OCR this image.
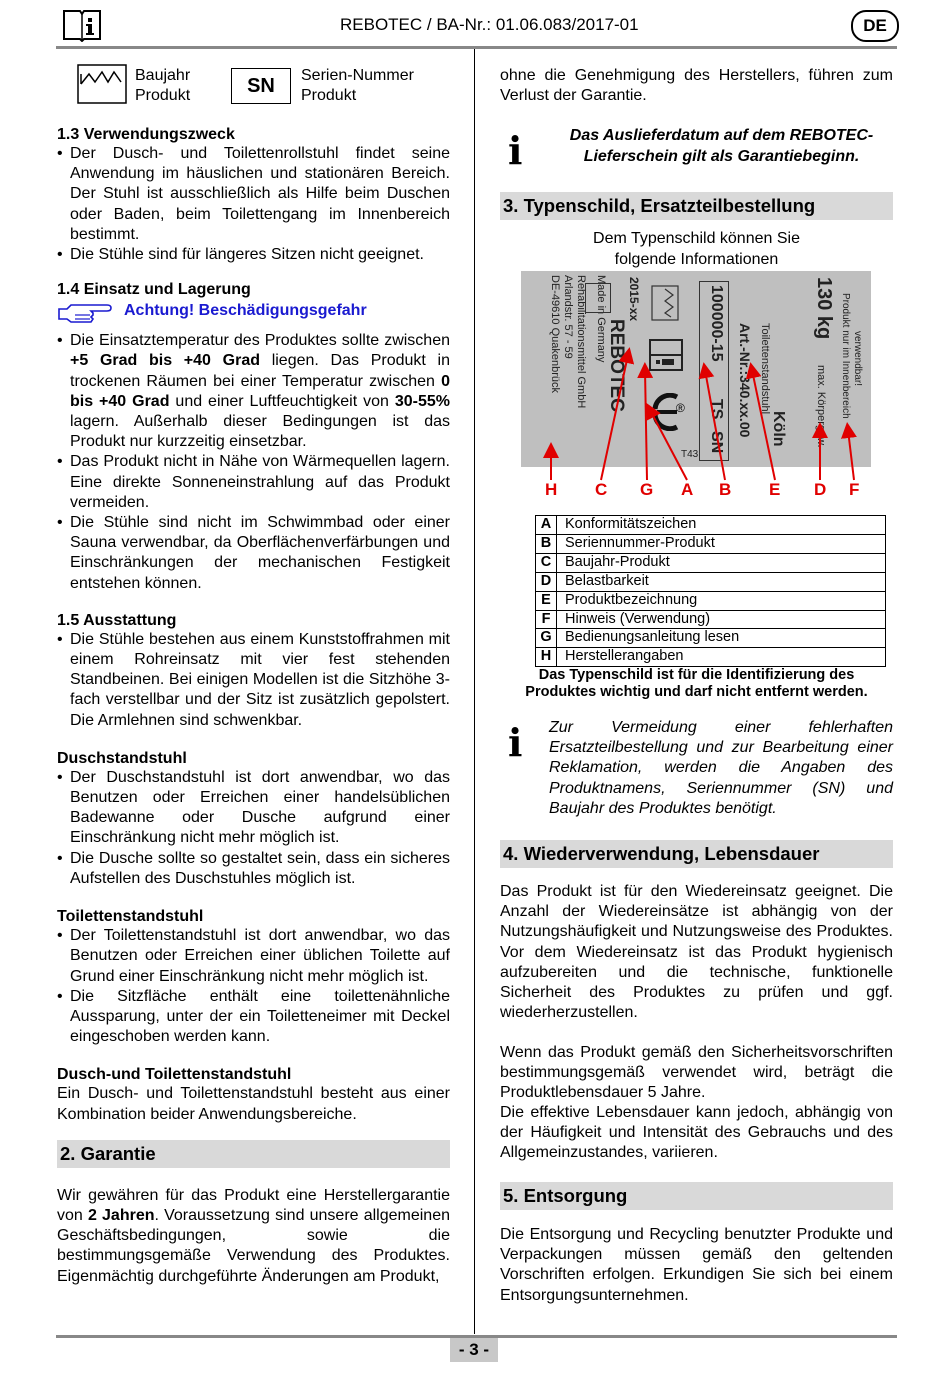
REBOTEC / BA-Nr.: 01.06.083/2017-01	DE
Baujahr
Produkt	SN	Serien-Nummer
Produkt
1.3 Verwendungszweck
• Der Dusch- und Toilettenrollstuhl findet seine Anwendung im häuslichen und stationären Bereich. Der Stuhl ist ausschließlich als Hilfe beim Duschen oder Baden, beim Toilettengang im Innenbereich bestimmt.
• Die Stühle sind für längeres Sitzen nicht geeignet.
1.4 Einsatz und Lagerung
Achtung! Beschädigungsgefahr
• Die Einsatztemperatur des Produktes sollte zwischen +5 Grad bis +40 Grad liegen. Das Produkt in trockenen Räumen bei einer Temperatur zwischen 0 bis +40 Grad und einer Luftfeuchtigkeit von 30-55% lagern. Außerhalb dieser Bedingungen ist das Produkt nur kurzzeitig einsetzbar.
• Das Produkt nicht in Nähe von Wärmequellen lagern. Eine direkte Sonneneinstrahlung auf das Produkt vermeiden.
• Die Stühle sind nicht im Schwimmbad oder einer Sauna verwendbar, da Oberflächenverfärbungen und Einschränkungen der mechanischen Festigkeit entstehen können.
1.5 Ausstattung
• Die Stühle bestehen aus einem Kunststoffrahmen mit einem Rohreinsatz mit vier fest stehenden Standbeinen. Bei einigen Modellen ist die Sitzhöhe 3-fach verstellbar und der Sitz ist zusätzlich gepolstert. Die Armlehnen sind schwenkbar.
Duschstandstuhl
• Der Duschstandstuhl ist dort anwendbar, wo das Benutzen oder Erreichen einer handelsüblichen Badewanne oder Dusche aufgrund einer Einschränkung nicht mehr möglich ist.
• Die Dusche sollte so gestaltet sein, dass ein sicheres Aufstellen des Duschstuhles möglich ist.
Toilettenstandstuhl
• Der Toilettenstandstuhl ist dort anwendbar, wo das Benutzen oder Erreichen einer üblichen Toilette auf Grund einer Einschränkung nicht mehr möglich ist.
• Die Sitzfläche enthält eine toilettenähnliche Aussparung, unter der ein Toiletteneimer mit Deckel eingeschoben werden kann.
Dusch-und Toilettenstandstuhl
Ein Dusch- und Toilettenstandstuhl besteht aus einer Kombination beider Anwendungsbereiche.
2. Garantie
Wir gewähren für das Produkt eine Herstellergarantie von 2 Jahren. Voraussetzung sind unsere allgemeinen Geschäftsbedingungen, sowie die bestimmungsgemäße Verwendung des Produktes. Eigenmächtig durchgeführte Änderungen am Produkt,
ohne die Genehmigung des Herstellers, führen zum Verlust der Garantie.
i	Das Auslieferdatum auf dem REBOTEC-Lieferschein gilt als Garantiebeginn.
3. Typenschild, Ersatzteilbestellung
Dem Typenschild können Sie folgende Informationen
DE-49610 Quakenbrück Arlandstr. 57 - 59 Rehabilitationsmittel GmbH Made in Germany
REBOTEC
2015-xx
T43
®
100000-15
TS
SN
Art.-Nr.:340.xx.00 Toilettenstandstuhl
Köln	max. Körpergew.
130 kg Produkt nur im Innenbereich verwendbar!
H C G A B E D F
A	Konformitätszeichen
B	Seriennummer-Produkt
C	Baujahr-Produkt
D	Belastbarkeit
E	Produktbezeichnung
F	Hinweis (Verwendung)
G	Bedienungsanleitung lesen
H	Herstellerangaben
Das Typenschild ist für die Identifizierung des Produktes wichtig und darf nicht entfernt werden.
i Zur Vermeidung einer fehlerhaften Ersatzteilbestellung und zur Bearbeitung einer Reklamation, werden die Angaben des Produktnamens, Seriennummer (SN) und Baujahr des Produktes benötigt.
4. Wiederverwendung, Lebensdauer
Das Produkt ist für den Wiedereinsatz geeignet. Die Anzahl der Wiedereinsätze ist abhängig von der Nutzungshäufigkeit und Nutzungsweise des Produktes. Vor dem Wiedereinsatz ist das Produkt hygienisch aufzubereiten und die technische, funktionelle Sicherheit des Produktes zu prüfen und ggf. wiederherzustellen.
Wenn das Produkt gemäß den Sicherheitsvorschriften bestimmungsgemäß verwendet wird, beträgt die Produktlebensdauer 5 Jahre.
Die effektive Lebensdauer kann jedoch, abhängig von der Häufigkeit und Intensität des Gebrauchs und des Allgemeinzustandes, variieren.
5. Entsorgung
Die Entsorgung und Recycling benutzter Produkte und Verpackungen müssen gemäß den geltenden Vorschriften erfolgen. Erkundigen Sie sich bei einem Entsorgungsunternehmen.
- 3 -
